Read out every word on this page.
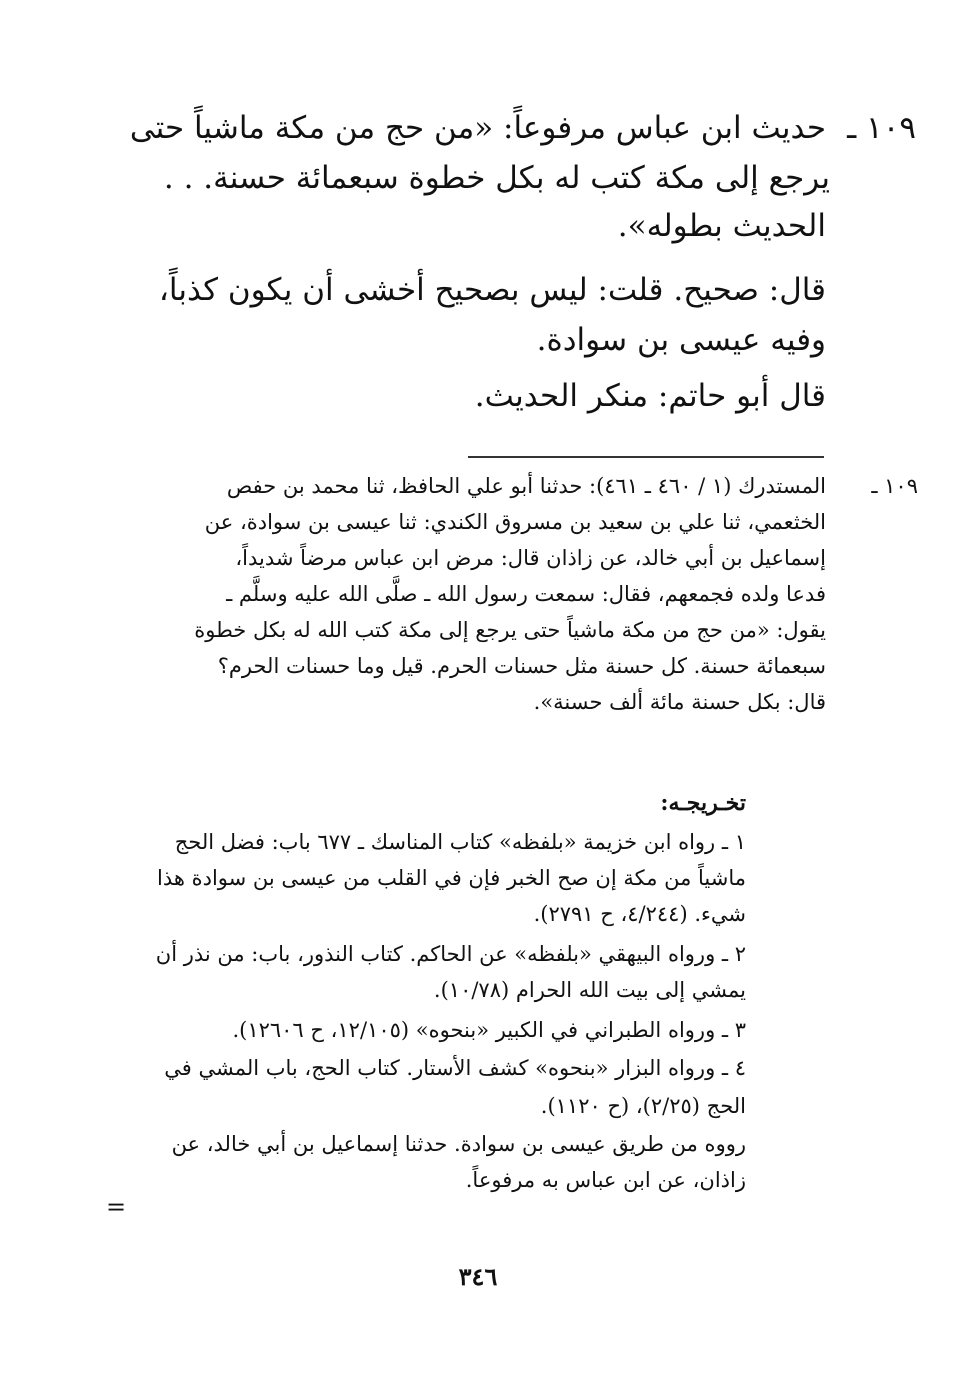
١٠٩ ـ
حديث ابن عباس مرفوعاً: «من حج من مكة ماشياً حتى
يرجع إلى مكة كتب له بكل خطوة سبعمائة حسنة. . .
الحديث بطوله».
قال: صحيح. قلت: ليس بصحيح أخشى أن يكون كذباً،
وفيه عيسى بن سوادة.
قال أبو حاتم: منكر الحديث.
١٠٩ ـ
المستدرك (١ / ٤٦٠ ـ ٤٦١): حدثنا أبو علي الحافظ، ثنا محمد بن حفص
الخثعمي، ثنا علي بن سعيد بن مسروق الكندي: ثنا عيسى بن سوادة، عن
إسماعيل بن أبي خالد، عن زاذان قال: مرض ابن عباس مرضاً شديداً،
فدعا ولده فجمعهم، فقال: سمعت رسول الله ـ صلَّى الله عليه وسلَّم ـ
يقول: «من حج من مكة ماشياً حتى يرجع إلى مكة كتب الله له بكل خطوة
سبعمائة حسنة. كل حسنة مثل حسنات الحرم. قيل وما حسنات الحرم؟
قال: بكل حسنة مائة ألف حسنة».
تخـريجـه:
١ ـ رواه ابن خزيمة «بلفظه» كتاب المناسك ـ ٦٧٧ باب: فضل الحج
ماشياً من مكة إن صح الخبر فإن في القلب من عيسى بن سوادة هذا
شيء. (٤/٢٤٤، ح ٢٧٩١).
٢ ـ ورواه البيهقي «بلفظه» عن الحاكم. كتاب النذور، باب: من نذر أن
يمشي إلى بيت الله الحرام (١٠/٧٨).
٣ ـ ورواه الطبراني في الكبير «بنحوه» (١٢/١٠٥، ح ١٢٦٠٦).
٤ ـ ورواه البزار «بنحوه» كشف الأستار. كتاب الحج، باب المشي في
الحج (٢/٢٥)، (ح ١١٢٠).
رووه من طريق عيسى بن سوادة. حدثنا إسماعيل بن أبي خالد، عن
زاذان، عن ابن عباس به مرفوعاً.
=
٣٤٦
